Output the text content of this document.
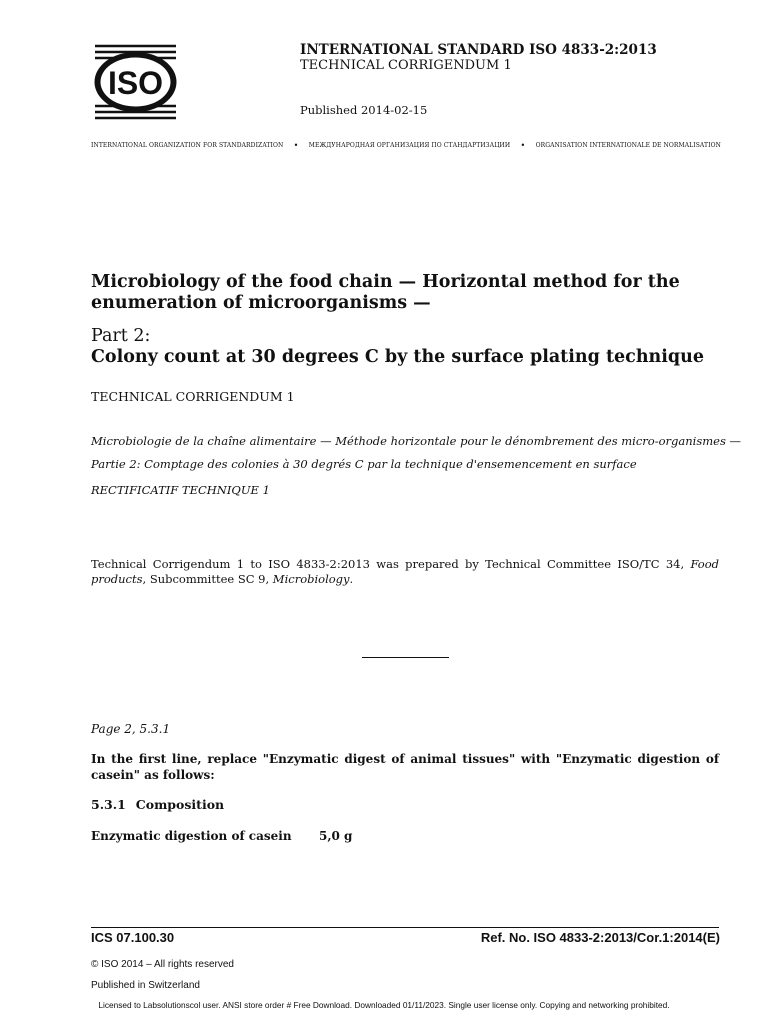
ISO
INTERNATIONAL STANDARD ISO 4833-2:2013
TECHNICAL CORRIGENDUM 1
Published 2014-02-15
INTERNATIONAL ORGANIZATION FOR STANDARDIZATION • МЕЖДУНАРОДНАЯ ОРГАНИЗАЦИЯ ПО СТАНДАРТИЗАЦИИ • ORGANISATION INTERNATIONALE DE NORMALISATION
Microbiology of the food chain — Horizontal method for the enumeration of microorganisms —
Part 2:
Colony count at 30 degrees C by the surface plating technique
TECHNICAL CORRIGENDUM 1
Microbiologie de la chaîne alimentaire — Méthode horizontale pour le dénombrement des micro-organismes —
Partie 2: Comptage des colonies à 30 degrés C par la technique d'ensemencement en surface
RECTIFICATIF TECHNIQUE 1
Technical Corrigendum 1 to ISO 4833-2:2013 was prepared by Technical Committee ISO/TC 34, Food products, Subcommittee SC 9, Microbiology.
Page 2, 5.3.1
In the first line, replace "Enzymatic digest of animal tissues" with "Enzymatic digestion of casein" as follows:
5.3.1 Composition
Enzymatic digestion of casein 5,0 g
ICS 07.100.30	Ref. No. ISO 4833-2:2013/Cor.1:2014(E)
© ISO 2014 – All rights reserved
Published in Switzerland
Licensed to Labsolutionscol user. ANSI store order # Free Download. Downloaded 01/11/2023. Single user license only. Copying and networking prohibited.
